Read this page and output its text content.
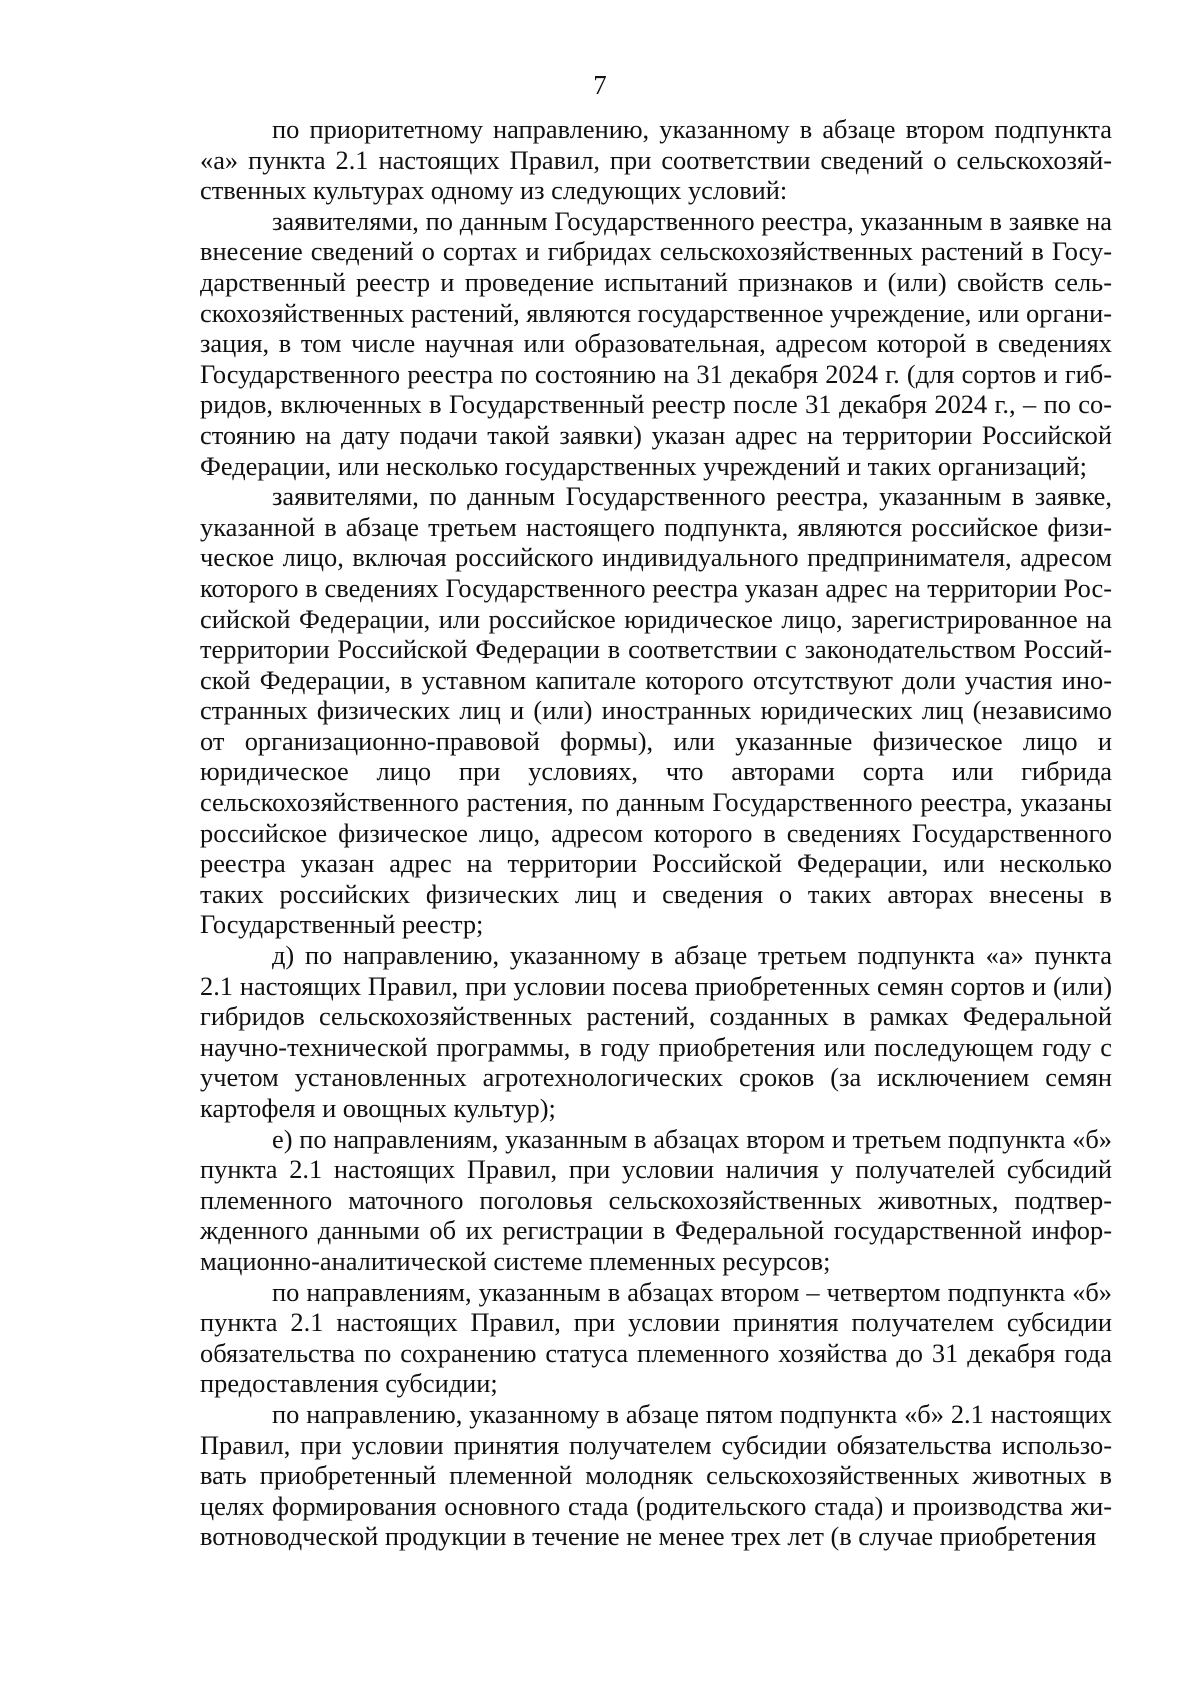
7

по приоритетному направлению, указанному в абзаце втором подпункта «а» пункта 2.1 настоящих Правил, при соответствии сведений о сельскохозяйственных культурах одному из следующих условий:

заявителями, по данным Государственного реестра, указанным в заявке на внесение сведений о сортах и гибридах сельскохозяйственных растений в Государственный реестр и проведение испытаний признаков и (или) свойств сельскохозяйственных растений, являются государственное учреждение, или организация, в том числе научная или образовательная, адресом которой в сведениях Государственного реестра по состоянию на 31 декабря 2024 г. (для сортов и гибридов, включенных в Государственный реестр после 31 декабря 2024 г., – по состоянию на дату подачи такой заявки) указан адрес на территории Российской Федерации, или несколько государственных учреждений и таких организаций;

заявителями, по данным Государственного реестра, указанным в заявке, указанной в абзаце третьем настоящего подпункта, являются российское физическое лицо, включая российского индивидуального предпринимателя, адресом которого в сведениях Государственного реестра указан адрес на территории Российской Федерации, или российское юридическое лицо, зарегистрированное на территории Российской Федерации в соответствии с законодательством Российской Федерации, в уставном капитале которого отсутствуют доли участия иностранных физических лиц и (или) иностранных юридических лиц (независимо от организационно-правовой формы), или указанные физическое лицо и юридическое лицо при условиях, что авторами сорта или гибрида сельскохозяйственного растения, по данным Государственного реестра, указаны российское физическое лицо, адресом которого в сведениях Государственного реестра указан адрес на территории Российской Федерации, или несколько таких российских физических лиц и сведения о таких авторах внесены в Государственный реестр;

д) по направлению, указанному в абзаце третьем подпункта «а» пункта 2.1 настоящих Правил, при условии посева приобретенных семян сортов и (или) гибридов сельскохозяйственных растений, созданных в рамках Федеральной научно-технической программы, в году приобретения или последующем году с учетом установленных агротехнологических сроков (за исключением семян картофеля и овощных культур);

е) по направлениям, указанным в абзацах втором и третьем подпункта «б» пункта 2.1 настоящих Правил, при условии наличия у получателей субсидий племенного маточного поголовья сельскохозяйственных животных, подтвержденного данными об их регистрации в Федеральной государственной информационно-аналитической системе племенных ресурсов;

по направлениям, указанным в абзацах втором – четвертом подпункта «б» пункта 2.1 настоящих Правил, при условии принятия получателем субсидии обязательства по сохранению статуса племенного хозяйства до 31 декабря года предоставления субсидии;

по направлению, указанному в абзаце пятом подпункта «б» 2.1 настоящих Правил, при условии принятия получателем субсидии обязательства использовать приобретенный племенной молодняк сельскохозяйственных животных в целях формирования основного стада (родительского стада) и производства животноводческой продукции в течение не менее трех лет (в случае приобретения
